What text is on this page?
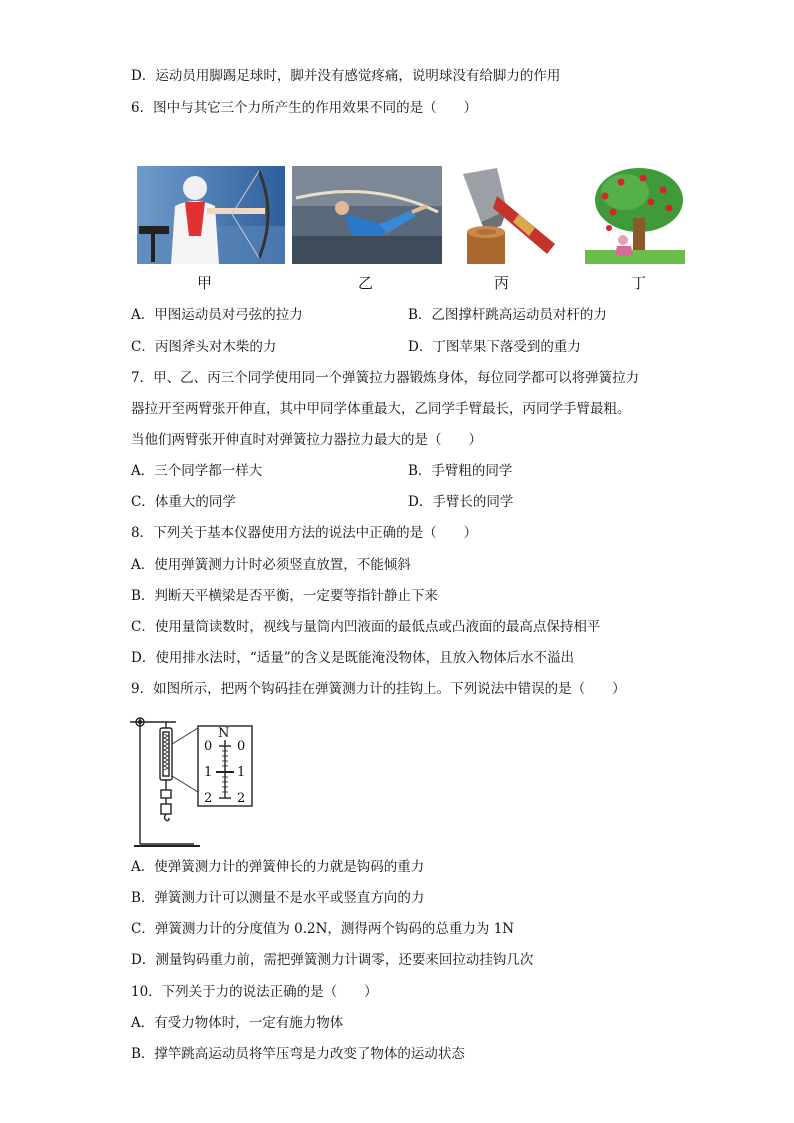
D．运动员用脚踢足球时，脚并没有感觉疼痛，说明球没有给脚力的作用
6．图中与其它三个力所产生的作用效果不同的是（　　）
甲	乙	丙	丁
A．甲图运动员对弓弦的拉力	B．乙图撑杆跳高运动员对杆的力
C．丙图斧头对木柴的力	D．丁图苹果下落受到的重力
7．甲、乙、丙三个同学使用同一个弹簧拉力器锻炼身体，每位同学都可以将弹簧拉力
器拉开至两臂张开伸直，其中甲同学体重最大，乙同学手臂最长，丙同学手臂最粗。
当他们两臂张开伸直时对弹簧拉力器拉力最大的是（　　）
A．三个同学都一样大	B．手臂粗的同学
C．体重大的同学	D．手臂长的同学
8．下列关于基本仪器使用方法的说法中正确的是（　　）
A．使用弹簧测力计时必须竖直放置，不能倾斜
B．判断天平横梁是否平衡，一定要等指针静止下来
C．使用量筒读数时，视线与量筒内凹液面的最低点或凸液面的最高点保持相平
D．使用排水法时，“适量”的含义是既能淹没物体，且放入物体后水不溢出
9．如图所示，把两个钩码挂在弹簧测力计的挂钩上。下列说法中错误的是（　　）
N
0
1
2
0
1
2
A．使弹簧测力计的弹簧伸长的力就是钩码的重力
B．弹簧测力计可以测量不是水平或竖直方向的力
C．弹簧测力计的分度值为 0.2N，测得两个钩码的总重力为 1N
D．测量钩码重力前，需把弹簧测力计调零，还要来回拉动挂钩几次
10．下列关于力的说法正确的是（　　）
A．有受力物体时，一定有施力物体
B．撑竿跳高运动员将竿压弯是力改变了物体的运动状态
